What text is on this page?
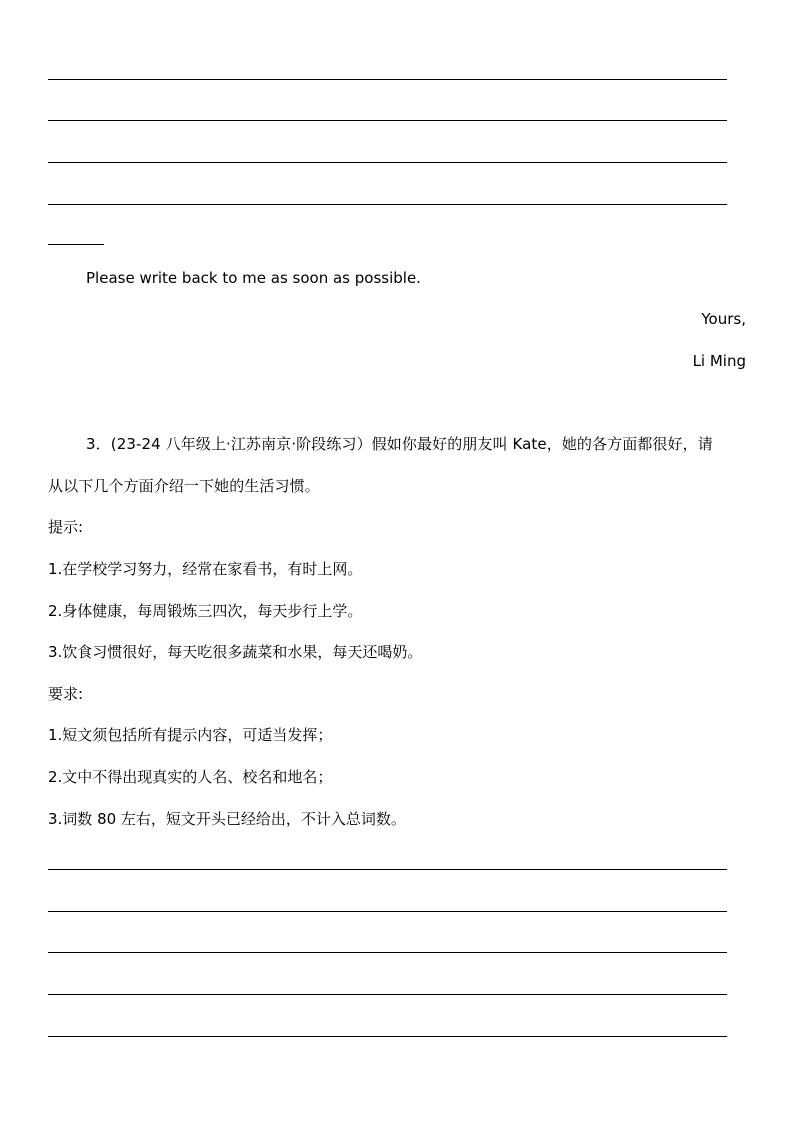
Please write back to me as soon as possible.
Yours,
Li Ming
3．(23-24 八年级上·江苏南京·阶段练习）假如你最好的朋友叫 Kate，她的各方面都很好，请
从以下几个方面介绍一下她的生活习惯。
提示:
1.在学校学习努力，经常在家看书，有时上网。
2.身体健康，每周锻炼三四次，每天步行上学。
3.饮食习惯很好，每天吃很多蔬菜和水果，每天还喝奶。
要求:
1.短文须包括所有提示内容，可适当发挥；
2.文中不得出现真实的人名、校名和地名；
3.词数 80 左右，短文开头已经给出，不计入总词数。
